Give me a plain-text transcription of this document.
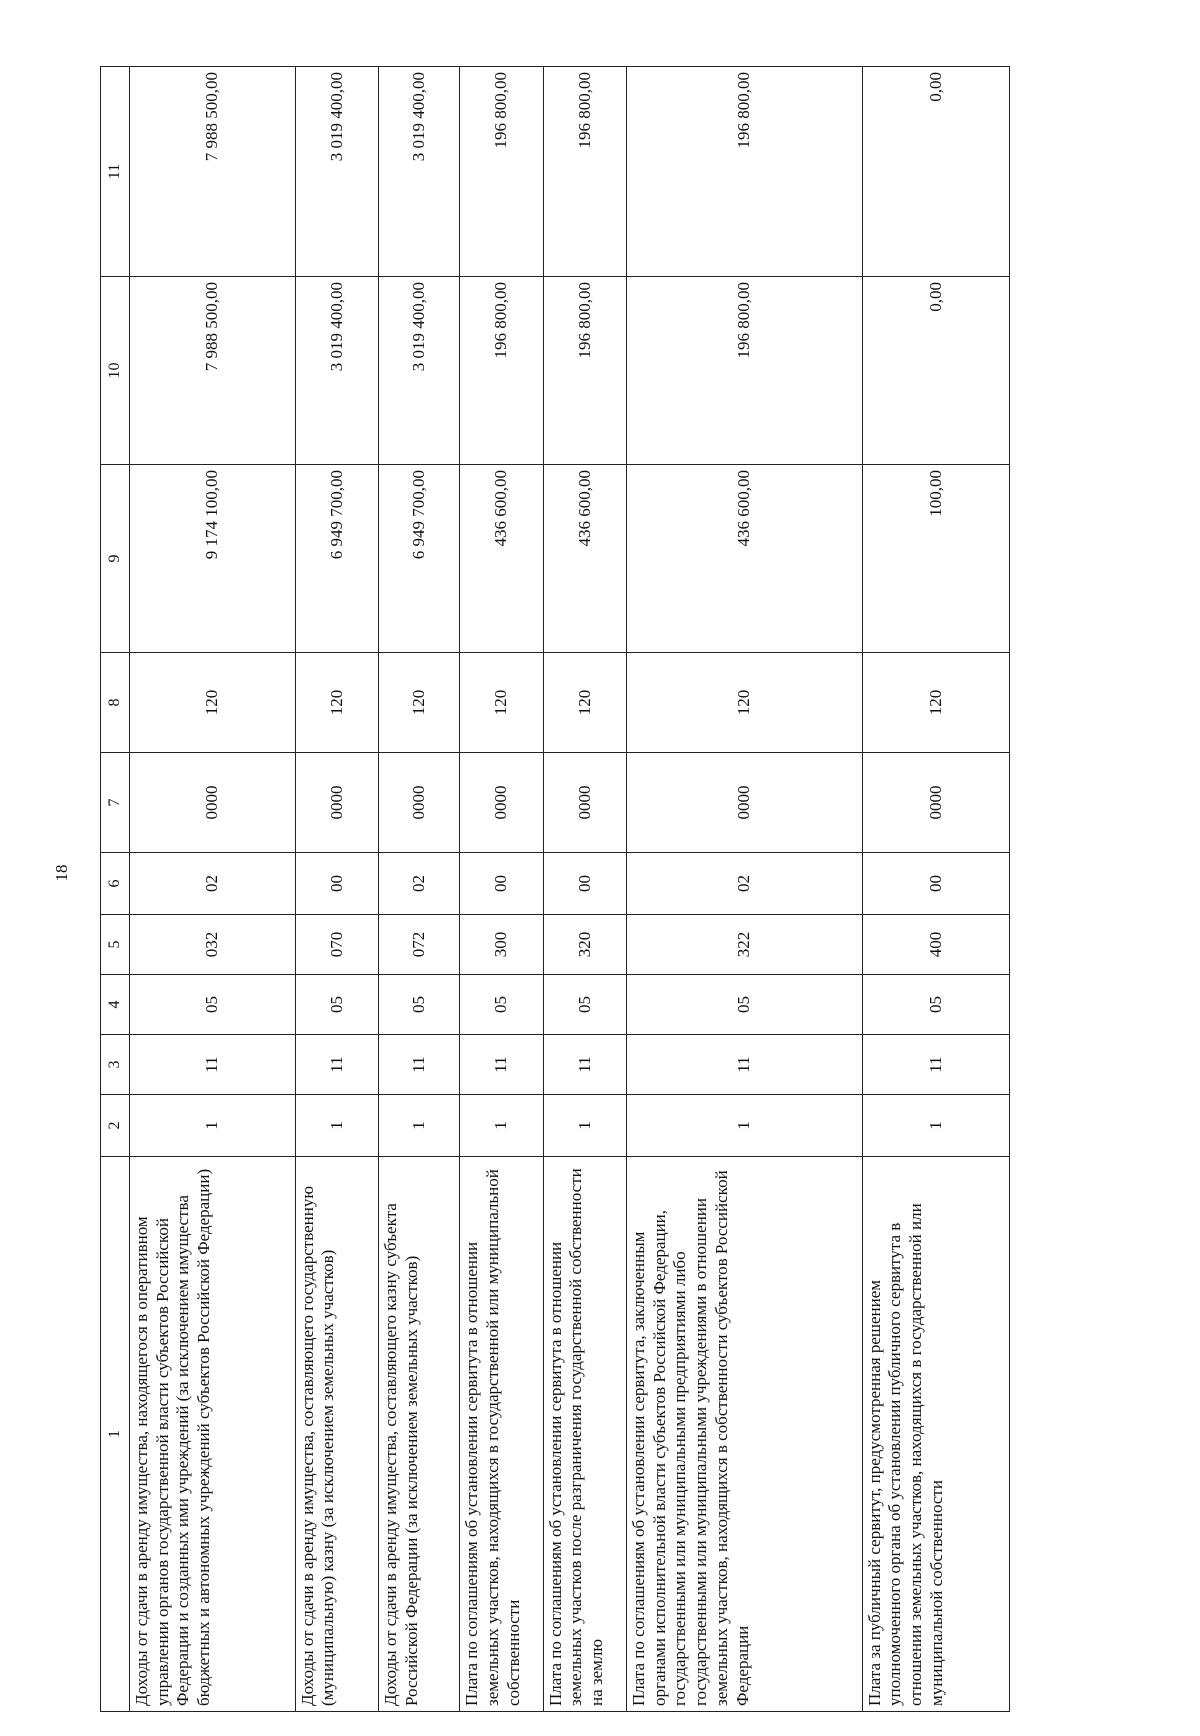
18
1	2	3	4	5	6	7	8	9	10	11
Доходы от сдачи в аренду имущества, находящегося в оперативном управлении органов государственной власти субъектов Российской Федерации и созданных ими учреждений (за исключением имущества бюджетных и автономных учреждений субъектов Российской Федерации)	1	11	05	032	02	0000	120	9 174 100,00	7 988 500,00	7 988 500,00
Доходы от сдачи в аренду имущества, составляющего государственную (муниципальную) казну (за исключением земельных участков)	1	11	05	070	00	0000	120	6 949 700,00	3 019 400,00	3 019 400,00
Доходы от сдачи в аренду имущества, составляющего казну субъекта Российской Федерации (за исключением земельных участков)	1	11	05	072	02	0000	120	6 949 700,00	3 019 400,00	3 019 400,00
Плата по соглашениям об установлении сервитута в отношении земельных участков, находящихся в государственной или муниципальной собственности	1	11	05	300	00	0000	120	436 600,00	196 800,00	196 800,00
Плата по соглашениям об установлении сервитута в отношении земельных участков после разграничения государственной собственности на землю	1	11	05	320	00	0000	120	436 600,00	196 800,00	196 800,00
Плата по соглашениям об установлении сервитута, заключенным органами исполнительной власти субъектов Российской Федерации, государственными или муниципальными предприятиями либо государственными или муниципальными учреждениями в отношении земельных участков, находящихся в собственности субъектов Российской Федерации	1	11	05	322	02	0000	120	436 600,00	196 800,00	196 800,00
Плата за публичный сервитут, предусмотренная решением уполномоченного органа об установлении публичного сервитута в отношении земельных участков, находящихся в государственной или муниципальной собственности	1	11	05	400	00	0000	120	100,00	0,00	0,00
